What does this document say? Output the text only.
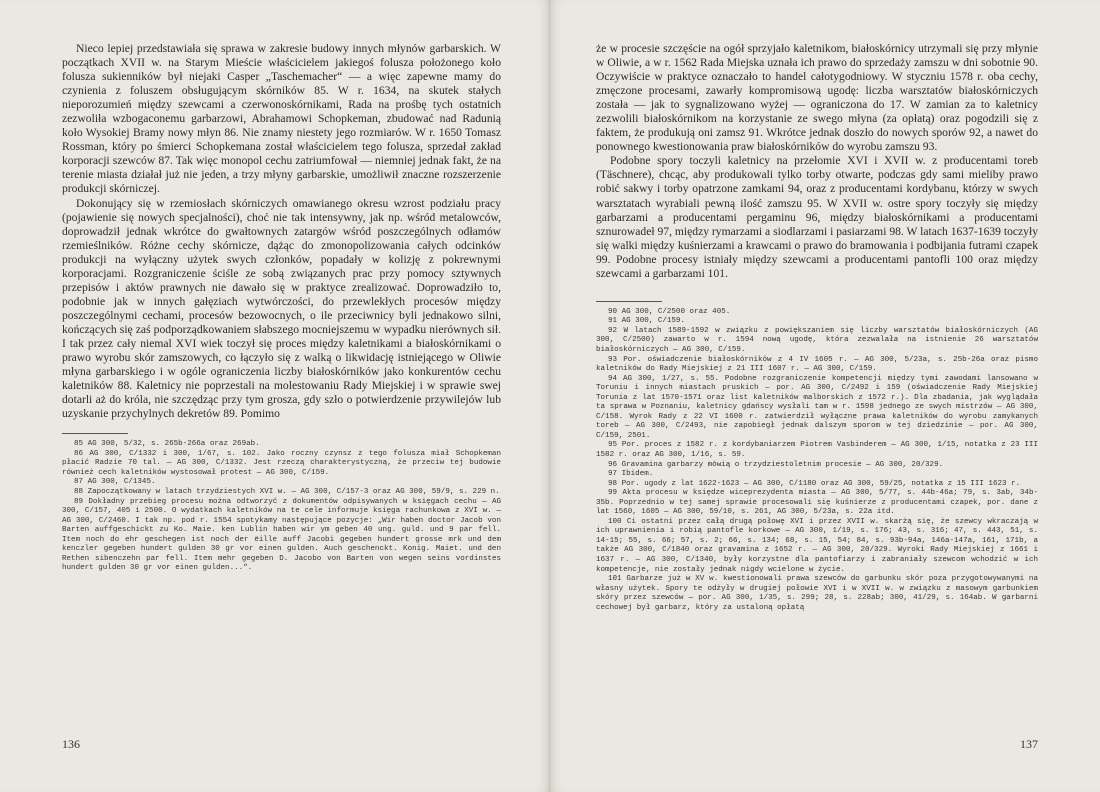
Nieco lepiej przedstawiała się sprawa w zakresie budowy innych młynów garbarskich. W początkach XVII w. na Starym Mieście właścicielem jakiegoś folusza położonego koło folusza sukienników był niejaki Casper „Taschemacher“ — a więc zapewne mamy do czynienia z foluszem obsługującym skórników 85. W r. 1634, na skutek stałych nieporozumień między szewcami a czerwonoskórnikami, Rada na prośbę tych ostatnich zezwoliła wzbogaconemu garbarzowi, Abrahamowi Schopkeman, zbudować nad Radunią koło Wysokiej Bramy nowy młyn 86. Nie znamy niestety jego rozmiarów. W r. 1650 Tomasz Rossman, który po śmierci Schopkemana został właścicielem tego folusza, sprzedał zakład korporacji szewców 87. Tak więc monopol cechu zatriumfował — niemniej jednak fakt, że na terenie miasta działał już nie jeden, a trzy młyny garbarskie, umożliwił znaczne rozszerzenie produkcji skórniczej.

Dokonujący się w rzemiosłach skórniczych omawianego okresu wzrost podziału pracy (pojawienie się nowych specjalności), choć nie tak intensywny, jak np. wśród metalowców, doprowadził jednak wkrótce do gwałtownych zatargów wśród poszczególnych odłamów rzemieślników. Różne cechy skórnicze, dążąc do zmonopolizowania całych odcinków produkcji na wyłączny użytek swych członków, popadały w kolizję z pokrewnymi korporacjami. Rozgraniczenie ściśle ze sobą związanych prac przy pomocy sztywnych przepisów i aktów prawnych nie dawało się w praktyce zrealizować. Doprowadziło to, podobnie jak w innych gałęziach wytwórczości, do przewlekłych procesów między poszczególnymi cechami, procesów bezowocnych, o ile przeciwnicy byli jednakowo silni, kończących się zaś podporządkowaniem słabszego mocniejszemu w wypadku nierównych sił. I tak przez cały niemal XVI wiek toczył się proces między kaletnikami a białoskórnikami o prawo wyrobu skór zamszowych, co łączyło się z walką o likwidację istniejącego w Oliwie młyna garbarskiego i w ogóle ograniczenia liczby białoskórników jako konkurentów cechu kaletników 88. Kaletnicy nie poprzestali na molestowaniu Rady Miejskiej i w sprawie swej dotarli aż do króla, nie szczędząc przy tym grosza, gdy szło o potwierdzenie przywilejów lub uzyskanie przychylnych dekretów 89. Pomimo

85 AG 300, 5/32, s. 265b-266a oraz 269ab.

86 AG 300, C/1332 i 300, 1/67, s. 102. Jako roczny czynsz z tego folusza miał Schopkeman płacić Radzie 70 tal. — AG 300, C/1332. Jest rzeczą charakterystyczną, że przeciw tej budowie również cech kaletników wystosował protest — AG 300, C/159.

87 AG 300, C/1345.

88 Zapoczątkowany w latach trzydziestych XVI w. — AG 300, C/157-3 oraz AG 300, 59/9, s. 229 n.

89 Dokładny przebieg procesu można odtworzyć z dokumentów odpisywanych w księgach cechu — AG 300, C/157, 405 i 2500. O wydatkach kaletników na te cele informuje księga rachunkowa z XVI w. — AG 300, C/2460. I tak np. pod r. 1554 spotykamy następujące pozycje: „Wir haben doctor Jacob von Barten auffgeschickt zu Ko. Maie. ken Lublin haben wir ym geben 40 ung. guld. und 9 par fell. Item noch do ehr geschegen ist noch der ëille auff Jacobi gegeben hundert grosse mrk und dem kenczler gegeben hundert gulden 30 gr vor einen gulden. Auch geschenckt. Konig. Maiet. und den Rethen sibenczehn par fell. Item mehr gegeben D. Jacobo von Barten von wegen seins vordinstes hundert gulden 30 gr vor einen gulden...“.

136

że w procesie szczęście na ogół sprzyjało kaletnikom, białoskórnicy utrzymali się przy młynie w Oliwie, a w r. 1562 Rada Miejska uznała ich prawo do sprzedaży zamszu w dni sobotnie 90. Oczywiście w praktyce oznaczało to handel całotygodniowy. W styczniu 1578 r. oba cechy, zmęczone procesami, zawarły kompromisową ugodę: liczba warsztatów białoskórniczych została — jak to sygnalizowano wyżej — ograniczona do 17. W zamian za to kaletnicy zezwolili białoskórnikom na korzystanie ze swego młyna (za opłatą) oraz pogodzili się z faktem, że produkują oni zamsz 91. Wkrótce jednak doszło do nowych sporów 92, a nawet do ponownego kwestionowania praw białoskórników do wyrobu zamszu 93.

Podobne spory toczyli kaletnicy na przełomie XVI i XVII w. z producentami toreb (Täschnere), chcąc, aby produkowali tylko torby otwarte, podczas gdy sami mieliby prawo robić sakwy i torby opatrzone zamkami 94, oraz z producentami kordybanu, którzy w swych warsztatach wyrabiali pewną ilość zamszu 95. W XVII w. ostre spory toczyły się między garbarzami a producentami pergaminu 96, między białoskórnikami a producentami sznurowadeł 97, między rymarzami a siodlarzami i pasiarzami 98. W latach 1637-1639 toczyły się walki między kuśnierzami a krawcami o prawo do bramowania i podbijania futrami czapek 99. Podobne procesy istniały między szewcami a producentami pantofli 100 oraz między szewcami a garbarzami 101.

90 AG 300, C/2500 oraz 405.

91 AG 300, C/159.

92 W latach 1589-1592 w związku z powiększaniem się liczby warsztatów białoskórniczych (AG 300, C/2500) zawarto w r. 1594 nową ugodę, która zezwalała na istnienie 26 warsztatów białoskórniczych — AG 300, C/159.

93 Por. oświadczenie białoskórników z 4 IV 1605 r. — AG 300, 5/23a, s. 25b-26a oraz pismo kaletników do Rady Miejskiej z 21 III 1607 r. — AG 300, C/159.

94 AG 300, 1/27, s. 55. Podobne rozgraniczenie kompetencji między tymi zawodami lansowano w Toruniu i innych miastach pruskich — por. AG 300, C/2492 i 159 (oświadczenie Rady Miejskiej Torunia z lat 1570-1571 oraz list kaletników malborskich z 1572 r.). Dla zbadania, jak wyglądała ta sprawa w Poznaniu, kaletnicy gdańscy wysłali tam w r. 1598 jednego ze swych mistrzów — AG 300, C/158. Wyrok Rady z 22 VI 1600 r. zatwierdził wyłączne prawa kaletników do wyrobu zamykanych toreb — AG 300, C/2493, nie zapobiegł jednak dalszym sporom w tej dziedzinie — por. AG 300, C/159, 2501.

95 Por. proces z 1582 r. z kordybaniarzem Piotrem Vasbinderem — AG 300, 1/15, notatka z 23 III 1582 r. oraz AG 300, 1/16, s. 59.

96 Gravamina garbarzy mówią o trzydziestoletnim procesie — AG 300, 20/329.

97 Ibidem.

98 Por. ugody z lat 1622-1623 — AG 300, C/1180 oraz AG 300, 59/25, notatka z 15 III 1623 r.

99 Akta procesu w księdze wiceprezydenta miasta — AG 300, 5/77, s. 44b-46a; 79, s. 3ab, 34b-35b. Poprzednio w tej samej sprawie procesowali się kuśnierze z producentami czapek, por. dane z lat 1560, 1605 — AG 300, 59/10, s. 261, AG 300, 5/23a, s. 22a itd.

100 Ci ostatni przez całą drugą połowę XVI i przez XVII w. skarżą się, że szewcy wkraczają w ich uprawnienia i robią pantofle korkowe — AG 300, 1/19, s. 176; 43, s. 316; 47, s. 443, 51, s. 14-15; 55, s. 66; 57, s. 2; 66, s. 134; 68, s. 15, 54; 84, s. 93b-94a, 146a-147a, 161, 171b, a także AG 300, C/1840 oraz gravamina z 1652 r. — AG 300, 20/329. Wyroki Rady Miejskiej z 1661 i 1637 r. — AG 300, C/1340, były korzystne dla pantofiarzy i zabraniały szewcom wchodzić w ich kompetencje, nie zostały jednak nigdy wcielone w życie.

101 Garbarze już w XV w. kwestionowali prawa szewców do garbunku skór poza przygotowywanymi na własny użytek. Spory te odżyły w drugiej połowie XVI i w XVII w. w związku z masowym garbunkiem skóry przez szewców — por. AG 300, 1/35, s. 299; 28, s. 228ab; 300, 41/29, s. 164ab. W garbarni cechowej był garbarz, który za ustaloną opłatą

137
